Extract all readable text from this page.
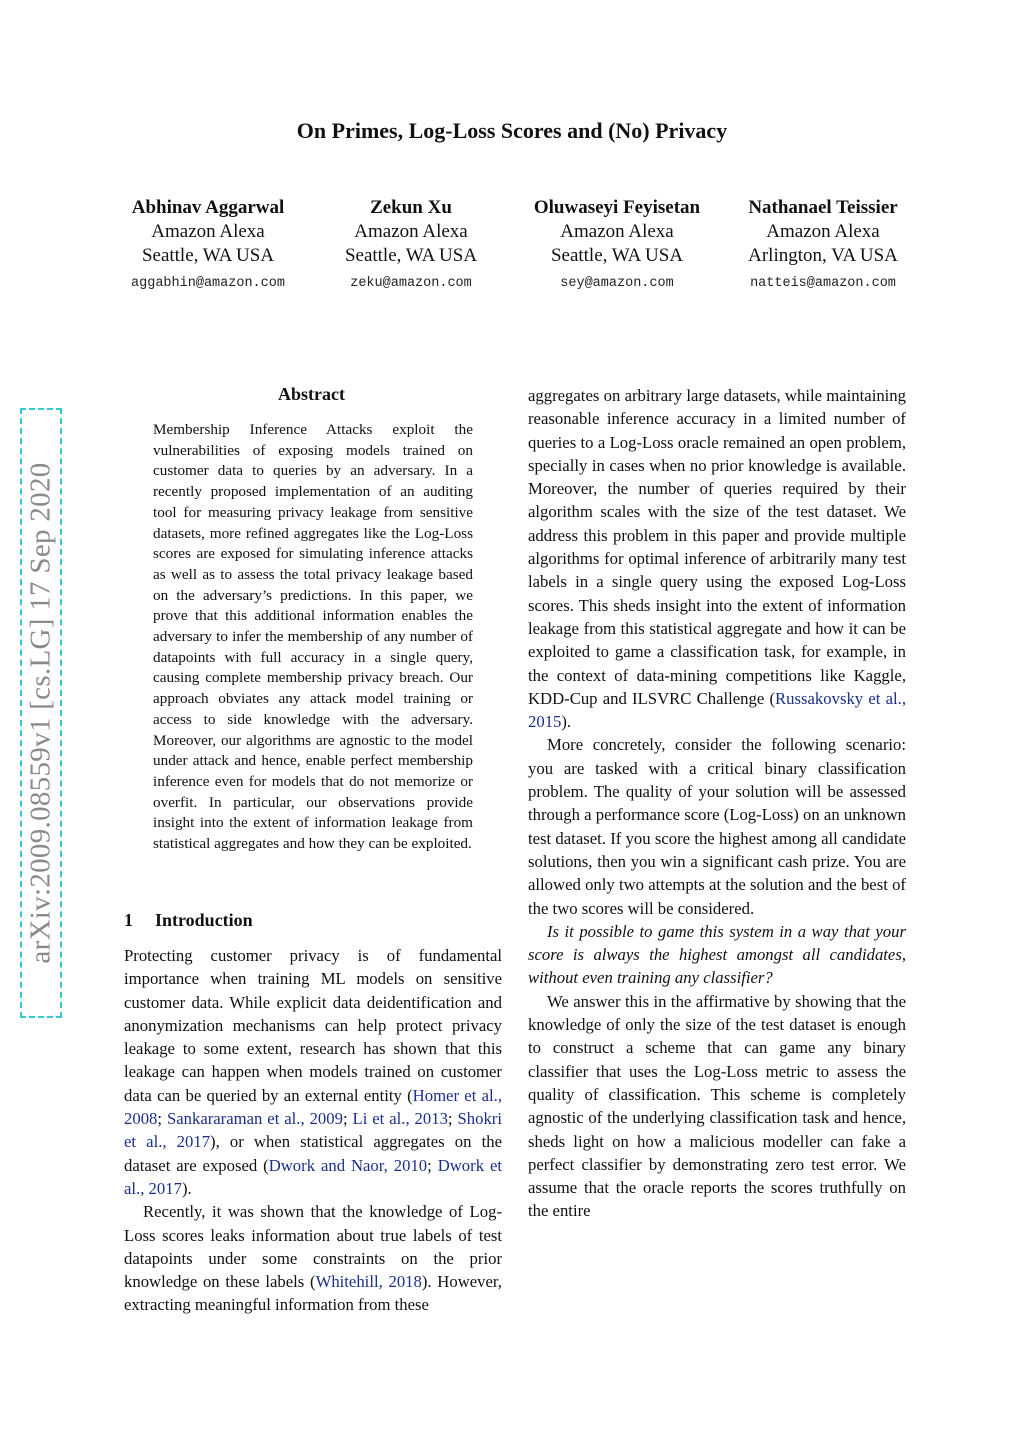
On Primes, Log-Loss Scores and (No) Privacy
Abhinav Aggarwal
Amazon Alexa
Seattle, WA USA
aggabhin@amazon.com
Zekun Xu
Amazon Alexa
Seattle, WA USA
zeku@amazon.com
Oluwaseyi Feyisetan
Amazon Alexa
Seattle, WA USA
sey@amazon.com
Nathanael Teissier
Amazon Alexa
Arlington, VA USA
natteis@amazon.com
arXiv:2009.08559v1 [cs.LG] 17 Sep 2020
Abstract

Membership Inference Attacks exploit the vulnerabilities of exposing models trained on customer data to queries by an adversary. In a recently proposed implementation of an auditing tool for measuring privacy leakage from sensitive datasets, more refined aggregates like the Log-Loss scores are exposed for simulating inference attacks as well as to assess the total privacy leakage based on the adversary’s predictions. In this paper, we prove that this additional information enables the adversary to infer the membership of any number of datapoints with full accuracy in a single query, causing complete membership privacy breach. Our approach obviates any attack model training or access to side knowledge with the adversary. Moreover, our algorithms are agnostic to the model under attack and hence, enable perfect membership inference even for models that do not memorize or overfit. In particular, our observations provide insight into the extent of information leakage from statistical aggregates and how they can be exploited.

1 Introduction

Protecting customer privacy is of fundamental importance when training ML models on sensitive customer data. While explicit data deidentification and anonymization mechanisms can help protect privacy leakage to some extent, research has shown that this leakage can happen when models trained on customer data can be queried by an external entity (Homer et al., 2008; Sankararaman et al., 2009; Li et al., 2013; Shokri et al., 2017), or when statistical aggregates on the dataset are exposed (Dwork and Naor, 2010; Dwork et al., 2017).

Recently, it was shown that the knowledge of Log-Loss scores leaks information about true labels of test datapoints under some constraints on the prior knowledge on these labels (Whitehill, 2018). However, extracting meaningful information from these

aggregates on arbitrary large datasets, while maintaining reasonable inference accuracy in a limited number of queries to a Log-Loss oracle remained an open problem, specially in cases when no prior knowledge is available. Moreover, the number of queries required by their algorithm scales with the size of the test dataset. We address this problem in this paper and provide multiple algorithms for optimal inference of arbitrarily many test labels in a single query using the exposed Log-Loss scores. This sheds insight into the extent of information leakage from this statistical aggregate and how it can be exploited to game a classification task, for example, in the context of data-mining competitions like Kaggle, KDD-Cup and ILSVRC Challenge (Russakovsky et al., 2015).

More concretely, consider the following scenario: you are tasked with a critical binary classification problem. The quality of your solution will be assessed through a performance score (Log-Loss) on an unknown test dataset. If you score the highest among all candidate solutions, then you win a significant cash prize. You are allowed only two attempts at the solution and the best of the two scores will be considered.

Is it possible to game this system in a way that your score is always the highest amongst all candidates, without even training any classifier?

We answer this in the affirmative by showing that the knowledge of only the size of the test dataset is enough to construct a scheme that can game any binary classifier that uses the Log-Loss metric to assess the quality of classification. This scheme is completely agnostic of the underlying classification task and hence, sheds light on how a malicious modeller can fake a perfect classifier by demonstrating zero test error. We assume that the oracle reports the scores truthfully on the entire
